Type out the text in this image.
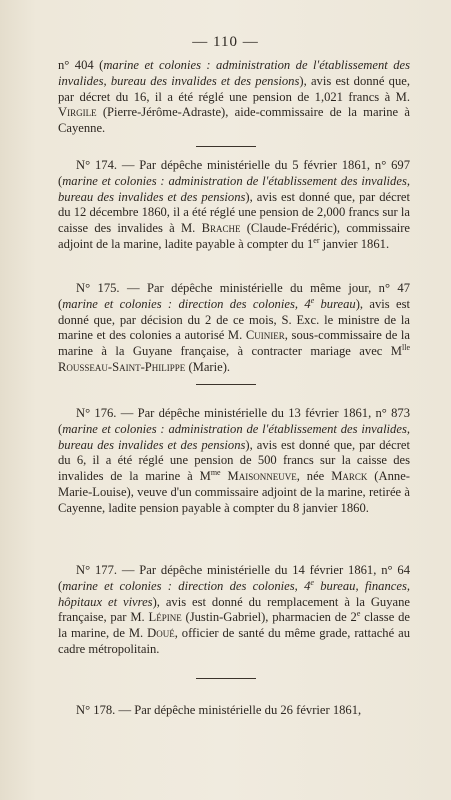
— 110 —

n° 404 (marine et colonies : administration de l'établissement des invalides, bureau des invalides et des pensions), avis est donné que, par décret du 16, il a été réglé une pension de 1,021 francs à M. Virgile (Pierre-Jérôme-Adraste), aide-commissaire de la marine à Cayenne.

N° 174. — Par dépêche ministérielle du 5 février 1861, n° 697 (marine et colonies : administration de l'établissement des invalides, bureau des invalides et des pensions), avis est donné que, par décret du 12 décembre 1860, il a été réglé une pension de 2,000 francs sur la caisse des invalides à M. Brache (Claude-Frédéric), commissaire adjoint de la marine, ladite payable à compter du 1er janvier 1861.

N° 175. — Par dépêche ministérielle du même jour, n° 47 (marine et colonies : direction des colonies, 4e bureau), avis est donné que, par décision du 2 de ce mois, S. Exc. le ministre de la marine et des colonies a autorisé M. Cuinier, sous-commissaire de la marine à la Guyane française, à contracter mariage avec $M^{lle}$ Rousseau-Saint-Philippe (Marie).

N° 176. — Par dépêche ministérielle du 13 février 1861, n° 873 (marine et colonies : administration de l'établissement des invalides, bureau des invalides et des pensions), avis est donné que, par décret du 6, il a été réglé une pension de 500 francs sur la caisse des invalides de la marine à $M^{me}$ Maisonneuve, née Marck (Anne-Marie-Louise), veuve d'un commissaire adjoint de la marine, retirée à Cayenne, ladite pension payable à compter du 8 janvier 1860.

N° 177. — Par dépêche ministérielle du 14 février 1861, n° 64 (marine et colonies : direction des colonies, 4e bureau, finances, hôpitaux et vivres), avis est donné du remplacement à la Guyane française, par M. Lépine (Justin-Gabriel), pharmacien de 2e classe de la marine, de M. Doué, officier de santé du même grade, rattaché au cadre métropolitain.

N° 178. — Par dépêche ministérielle du 26 février 1861,
